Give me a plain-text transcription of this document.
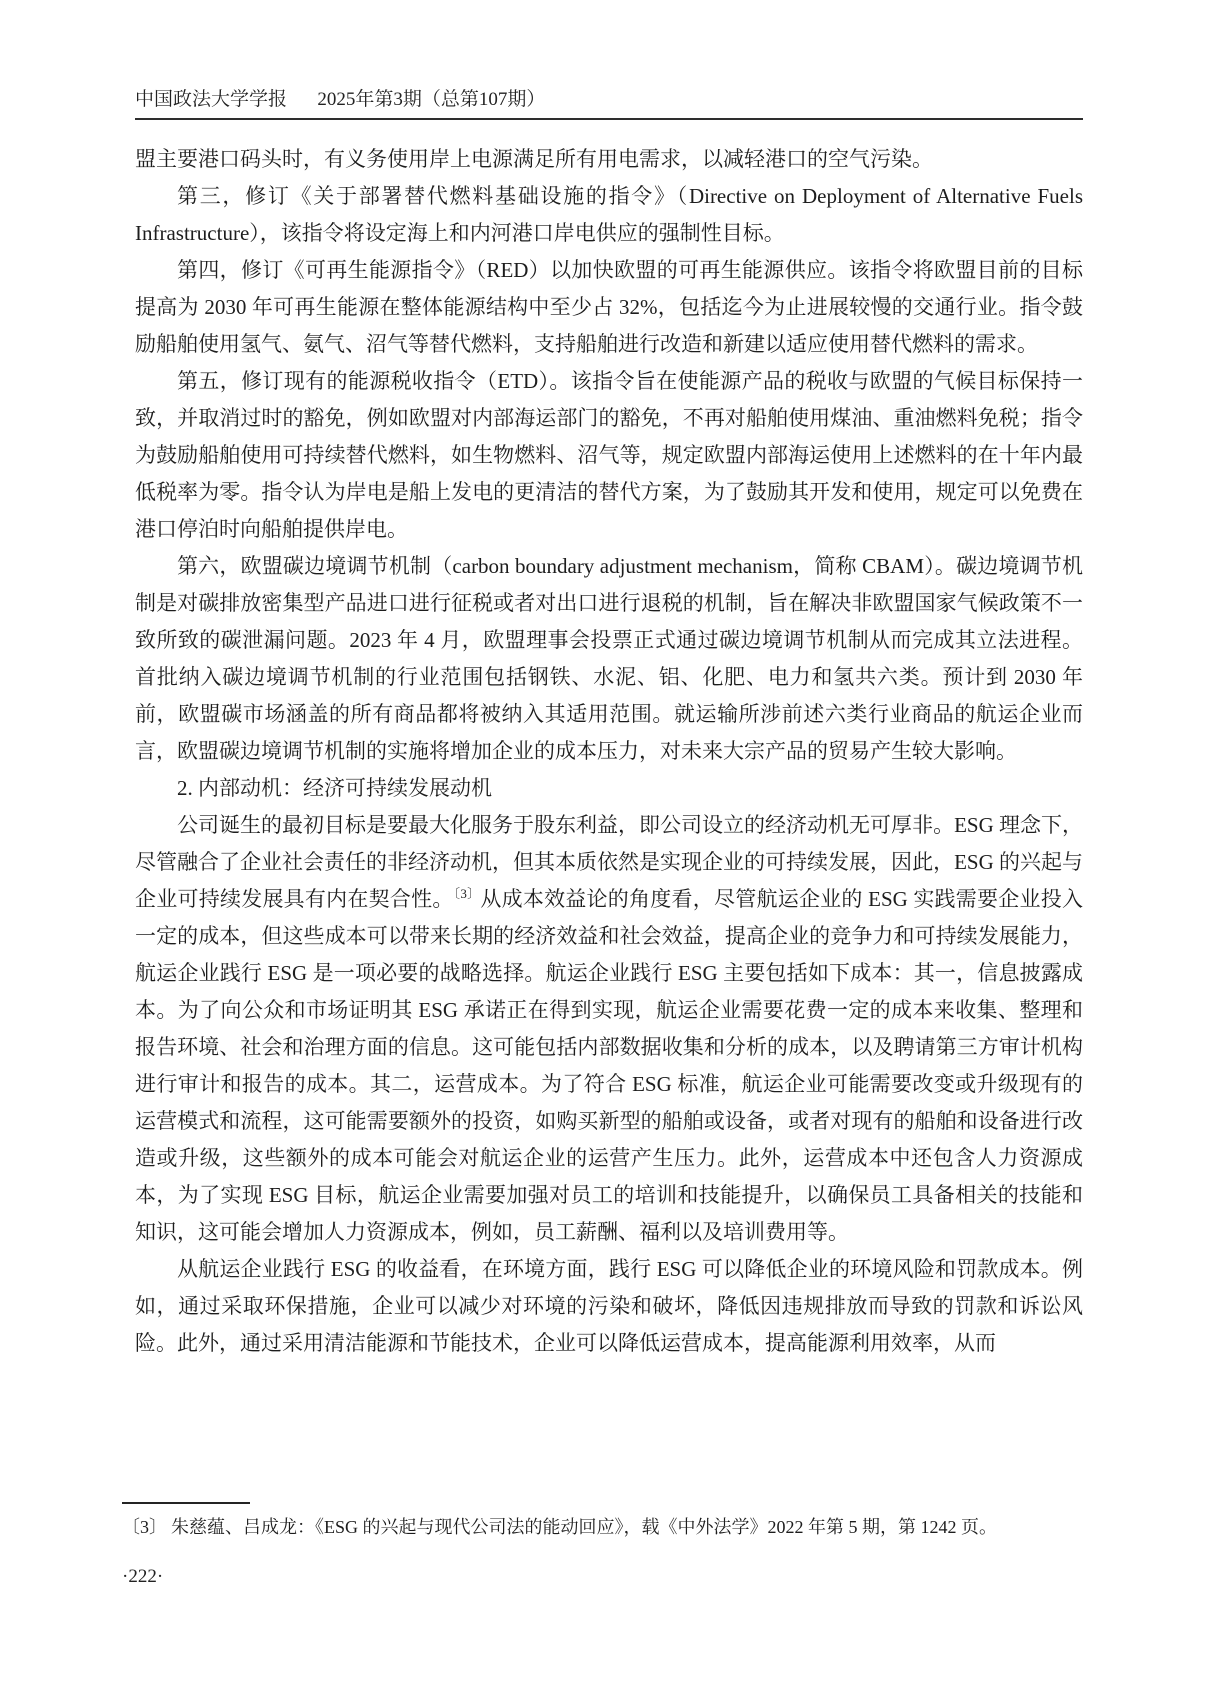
中国政法大学学报 2025年第3期（总第107期）

盟主要港口码头时，有义务使用岸上电源满足所有用电需求，以减轻港口的空气污染。

第三，修订《关于部署替代燃料基础设施的指令》（Directive on Deployment of Alternative Fuels Infrastructure），该指令将设定海上和内河港口岸电供应的强制性目标。

第四，修订《可再生能源指令》（RED）以加快欧盟的可再生能源供应。该指令将欧盟目前的目标提高为 2030 年可再生能源在整体能源结构中至少占 32%，包括迄今为止进展较慢的交通行业。指令鼓励船舶使用氢气、氨气、沼气等替代燃料，支持船舶进行改造和新建以适应使用替代燃料的需求。

第五，修订现有的能源税收指令（ETD）。该指令旨在使能源产品的税收与欧盟的气候目标保持一致，并取消过时的豁免，例如欧盟对内部海运部门的豁免，不再对船舶使用煤油、重油燃料免税；指令为鼓励船舶使用可持续替代燃料，如生物燃料、沼气等，规定欧盟内部海运使用上述燃料的在十年内最低税率为零。指令认为岸电是船上发电的更清洁的替代方案，为了鼓励其开发和使用，规定可以免费在港口停泊时向船舶提供岸电。

第六，欧盟碳边境调节机制（carbon boundary adjustment mechanism，简称 CBAM）。碳边境调节机制是对碳排放密集型产品进口进行征税或者对出口进行退税的机制，旨在解决非欧盟国家气候政策不一致所致的碳泄漏问题。2023 年 4 月，欧盟理事会投票正式通过碳边境调节机制从而完成其立法进程。首批纳入碳边境调节机制的行业范围包括钢铁、水泥、铝、化肥、电力和氢共六类。预计到 2030 年前，欧盟碳市场涵盖的所有商品都将被纳入其适用范围。就运输所涉前述六类行业商品的航运企业而言，欧盟碳边境调节机制的实施将增加企业的成本压力，对未来大宗产品的贸易产生较大影响。

2. 内部动机：经济可持续发展动机

公司诞生的最初目标是要最大化服务于股东利益，即公司设立的经济动机无可厚非。ESG 理念下，尽管融合了企业社会责任的非经济动机，但其本质依然是实现企业的可持续发展，因此，ESG 的兴起与企业可持续发展具有内在契合性。$^{〔3〕}$从成本效益论的角度看，尽管航运企业的 ESG 实践需要企业投入一定的成本，但这些成本可以带来长期的经济效益和社会效益，提高企业的竞争力和可持续发展能力，航运企业践行 ESG 是一项必要的战略选择。航运企业践行 ESG 主要包括如下成本：其一，信息披露成本。为了向公众和市场证明其 ESG 承诺正在得到实现，航运企业需要花费一定的成本来收集、整理和报告环境、社会和治理方面的信息。这可能包括内部数据收集和分析的成本，以及聘请第三方审计机构进行审计和报告的成本。其二，运营成本。为了符合 ESG 标准，航运企业可能需要改变或升级现有的运营模式和流程，这可能需要额外的投资，如购买新型的船舶或设备，或者对现有的船舶和设备进行改造或升级，这些额外的成本可能会对航运企业的运营产生压力。此外，运营成本中还包含人力资源成本，为了实现 ESG 目标，航运企业需要加强对员工的培训和技能提升，以确保员工具备相关的技能和知识，这可能会增加人力资源成本，例如，员工薪酬、福利以及培训费用等。

从航运企业践行 ESG 的收益看，在环境方面，践行 ESG 可以降低企业的环境风险和罚款成本。例如，通过采取环保措施，企业可以减少对环境的污染和破坏，降低因违规排放而导致的罚款和诉讼风险。此外，通过采用清洁能源和节能技术，企业可以降低运营成本，提高能源利用效率，从而

〔3〕 朱慈蕴、吕成龙：《ESG 的兴起与现代公司法的能动回应》，载《中外法学》2022 年第 5 期，第 1242 页。
·222·
